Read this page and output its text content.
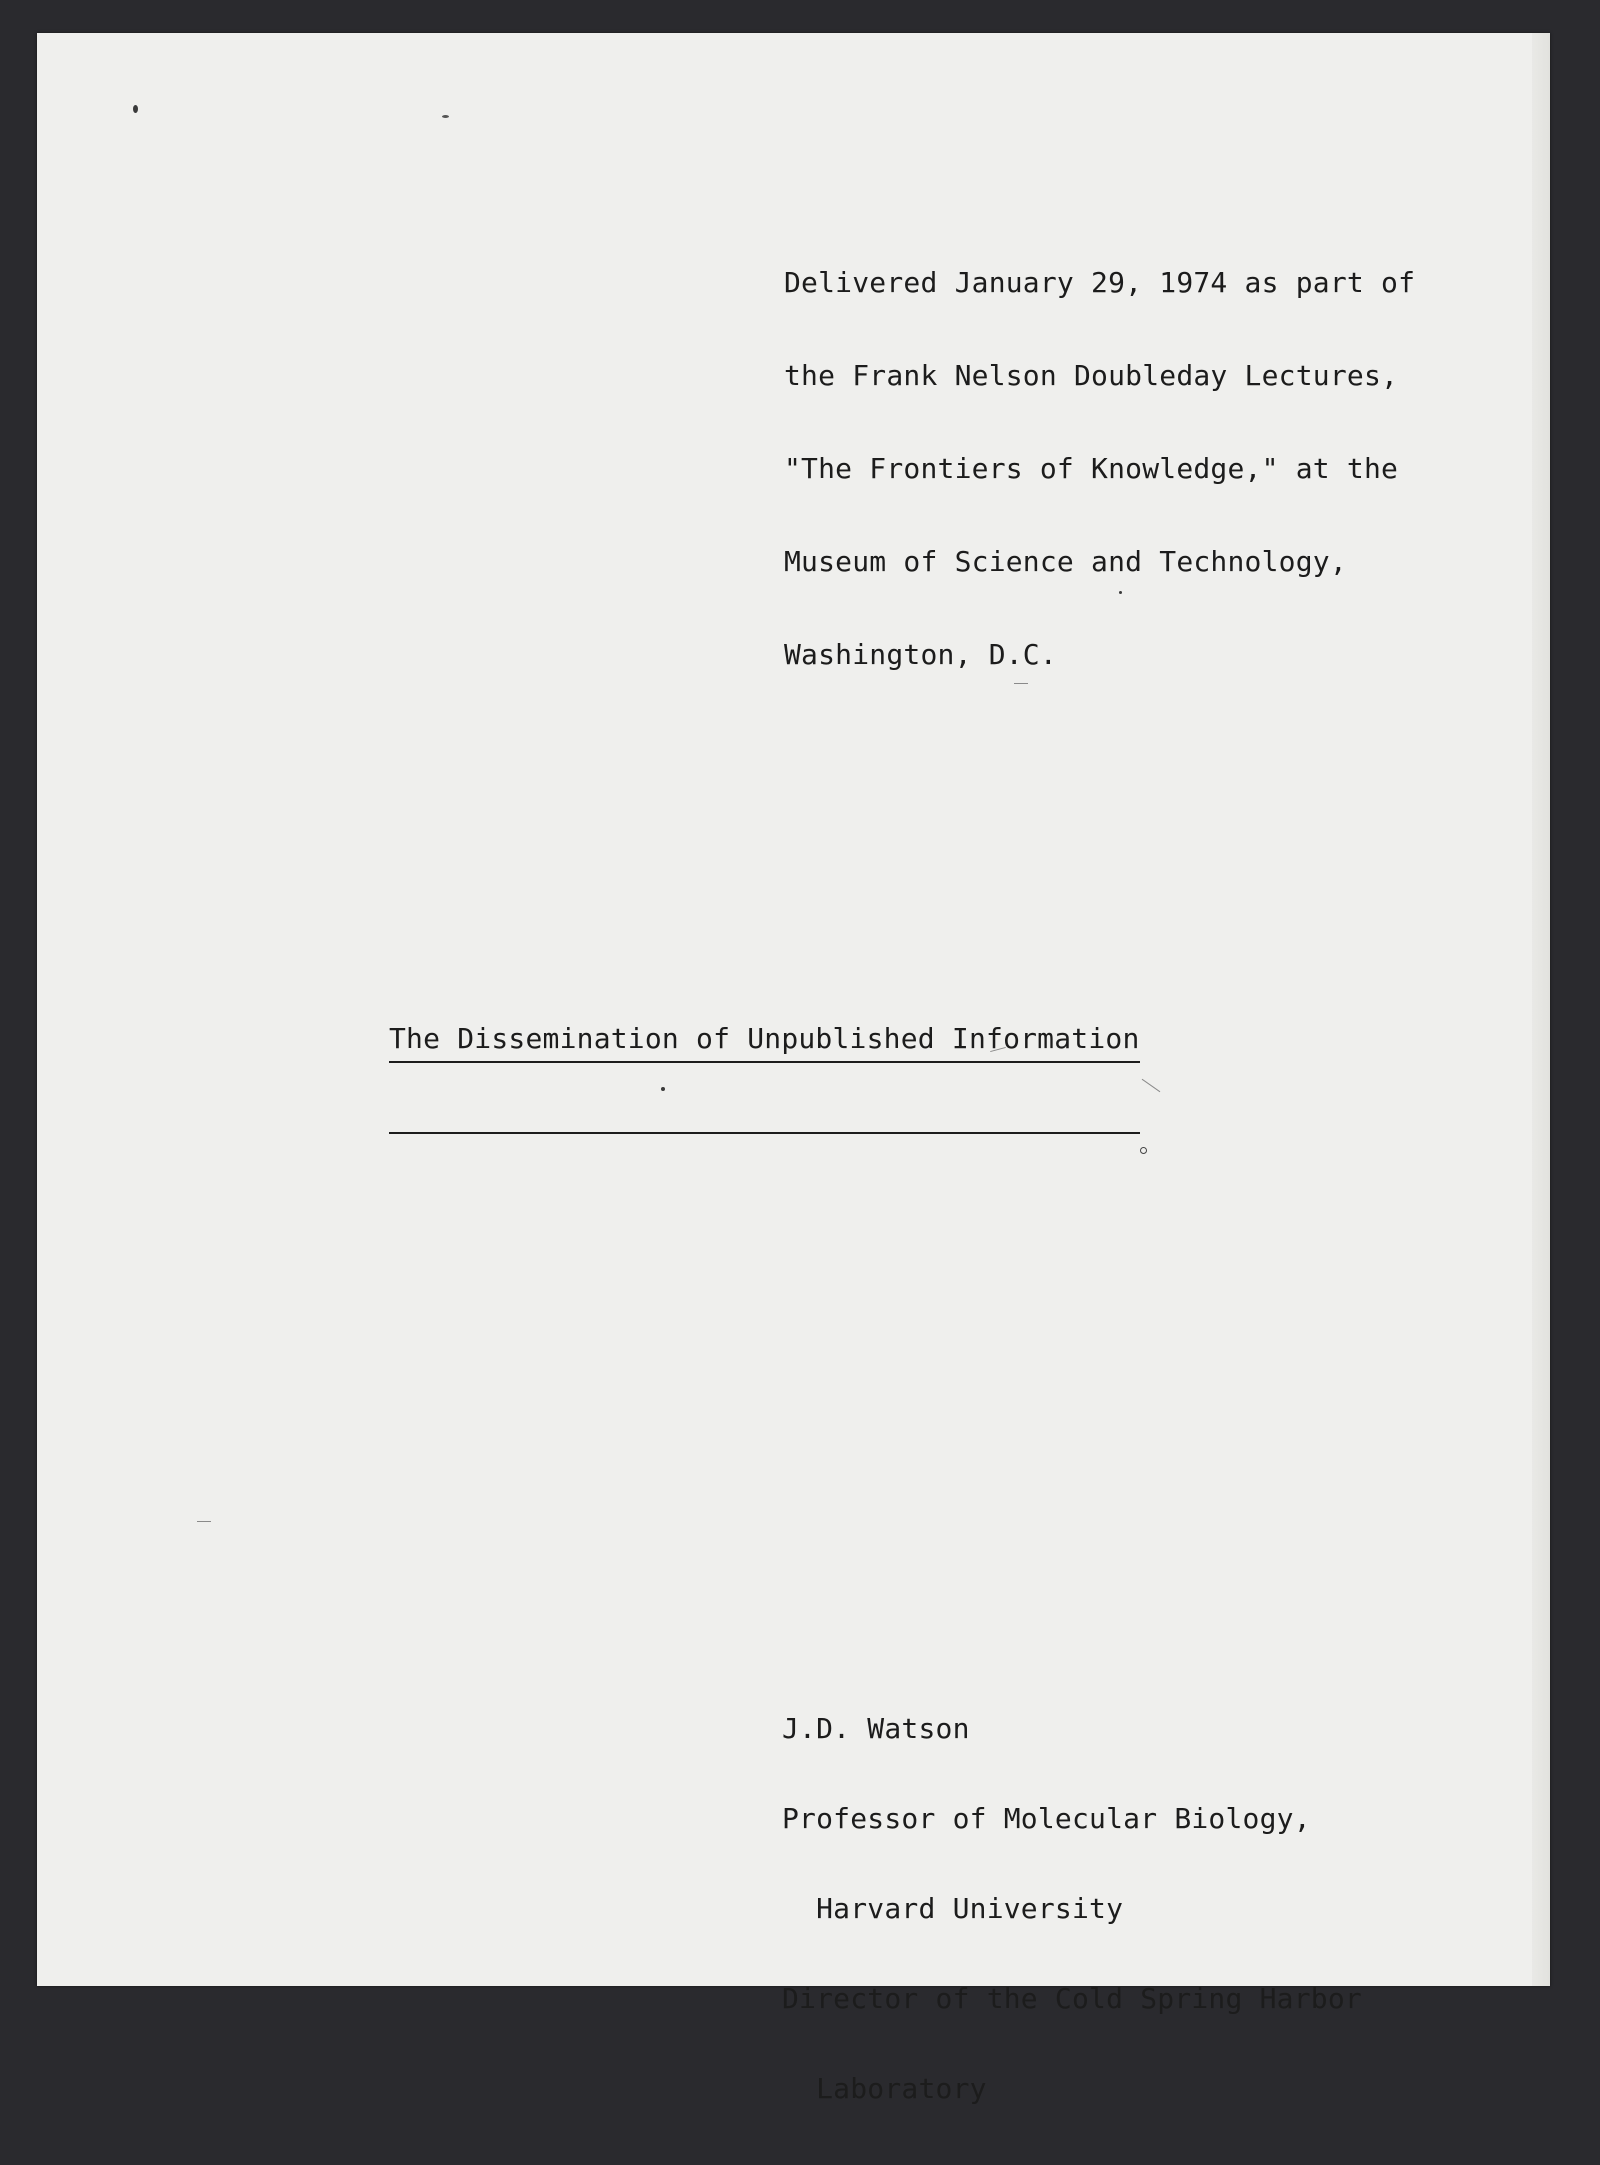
Delivered January 29, 1974 as part of

the Frank Nelson Doubleday Lectures,

"The Frontiers of Knowledge," at the

Museum of Science and Technology,

Washington, D.C.

The Dissemination of Unpublished Information

J.D. Watson

Professor of Molecular Biology,

Harvard University

Director of the Cold Spring Harbor

Laboratory
